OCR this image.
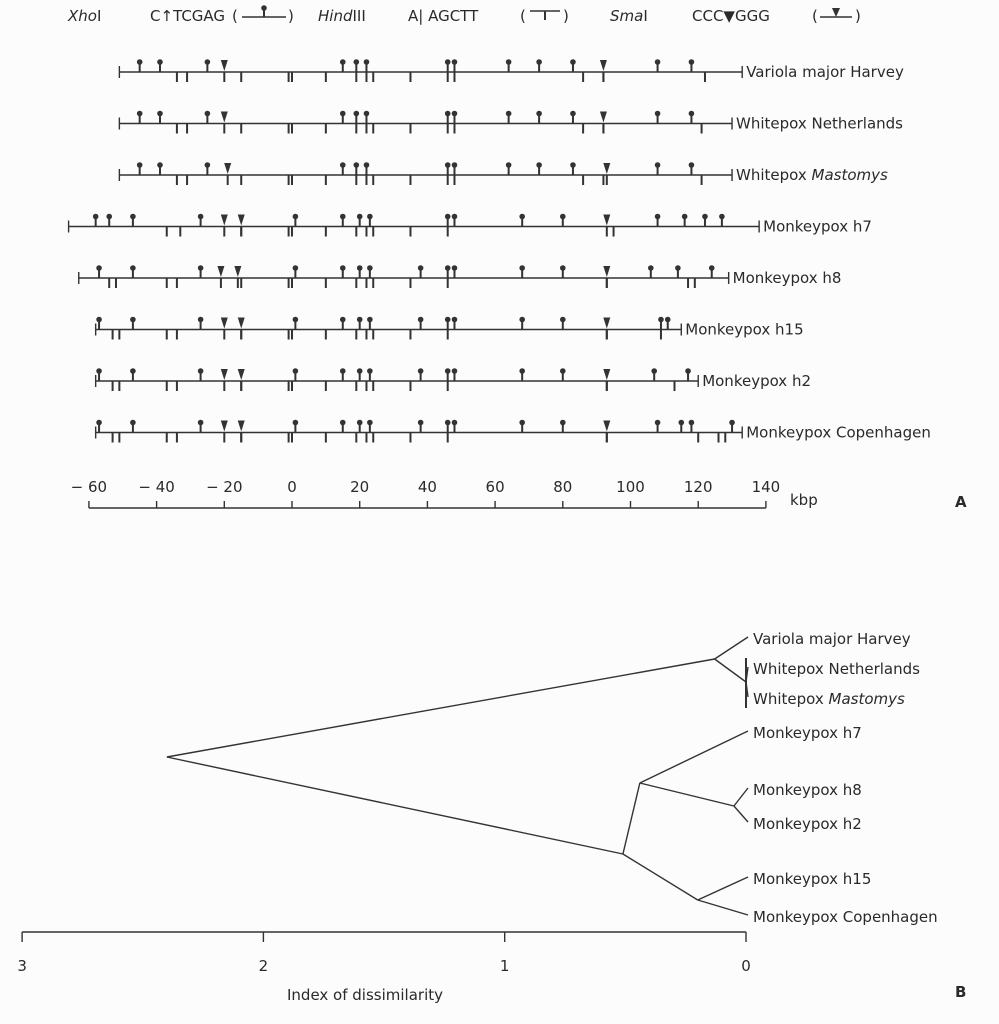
XhoI	C↑TCGAG (	) HindIII	A| AGCTT	( )	SmaI	CCC▼GGG	( )
Variola major Harvey
Whitepox Netherlands
Whitepox Mastomys
Monkeypox h7
Monkeypox h8
Monkeypox h15
Monkeypox h2
Monkeypox Copenhagen
− 60 − 40 − 20	0	20	40	60	80	100	120	140
kbp	A
Variola major Harvey
Whitepox Netherlands
Whitepox Mastomys
Monkeypox h7
Monkeypox h8
Monkeypox h2
Monkeypox h15
Monkeypox Copenhagen
3	2	1	0
Index of dissimilarity	B
